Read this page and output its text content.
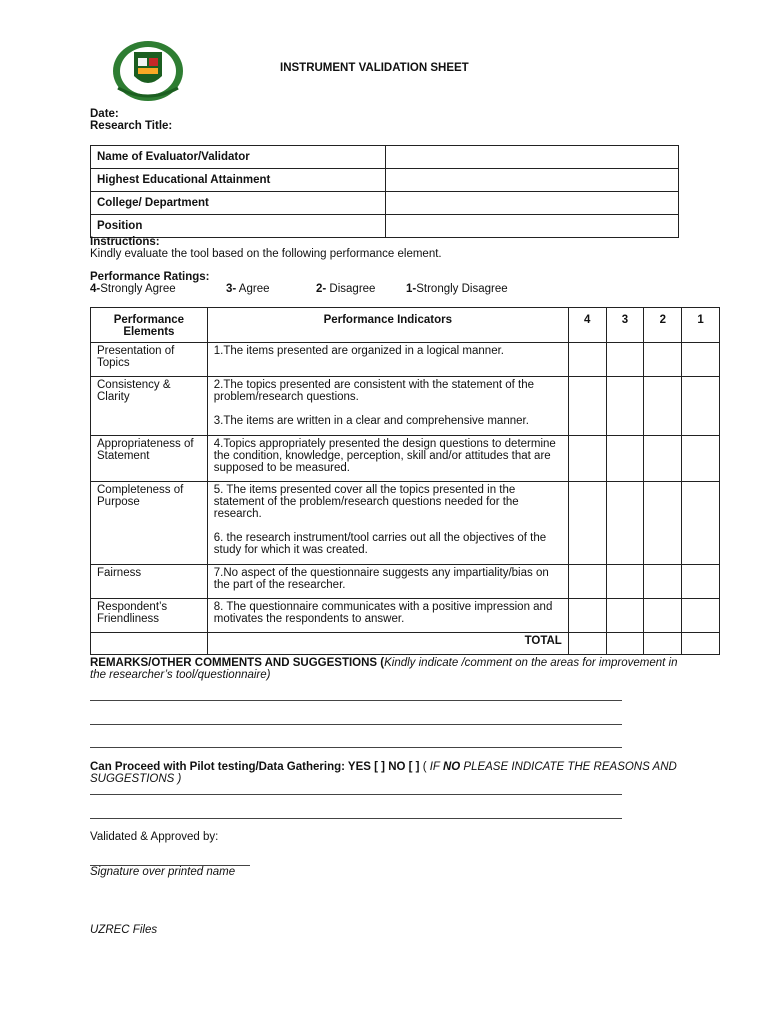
INSTRUMENT VALIDATION SHEET
Date:
Research Title:
Name of Evaluator/Validator	
Highest Educational Attainment	
College/ Department	
Position	
Instructions:
Kindly evaluate the tool based on the following performance element.
Performance Ratings:
4-Strongly Agree	3- Agree	2- Disagree	1-Strongly Disagree
Performance Elements	Performance Indicators	4	3	2	1
Presentation of Topics	1.The items presented are organized in a logical manner.				

Consistency & Clarity	2.The topics presented are consistent with the statement of the problem/research questions.

3.The items are written in a clear and comprehensive manner.				

Appropriateness of Statement	4.Topics appropriately presented the design questions to determine the condition, knowledge, perception, skill and/or attitudes that are supposed to be measured.				

Completeness of Purpose	5. The items presented cover all the topics presented in the statement of the problem/research questions needed for the research.

6. the research instrument/tool carries out all the objectives of the study for which it was created.				

Fairness	7.No aspect of the questionnaire suggests any impartiality/bias on the part of the researcher.				

Respondent’s Friendliness	8. The questionnaire communicates with a positive impression and motivates the respondents to answer.				

	TOTAL				
REMARKS/OTHER COMMENTS AND SUGGESTIONS (Kindly indicate /comment on the areas for improvement in the researcher’s tool/questionnaire)
Can Proceed with Pilot testing/Data Gathering: YES [ ] NO [ ] ( IF NO PLEASE INDICATE THE REASONS AND SUGGESTIONS )
Validated & Approved by:
Signature over printed name
UZREC Files
